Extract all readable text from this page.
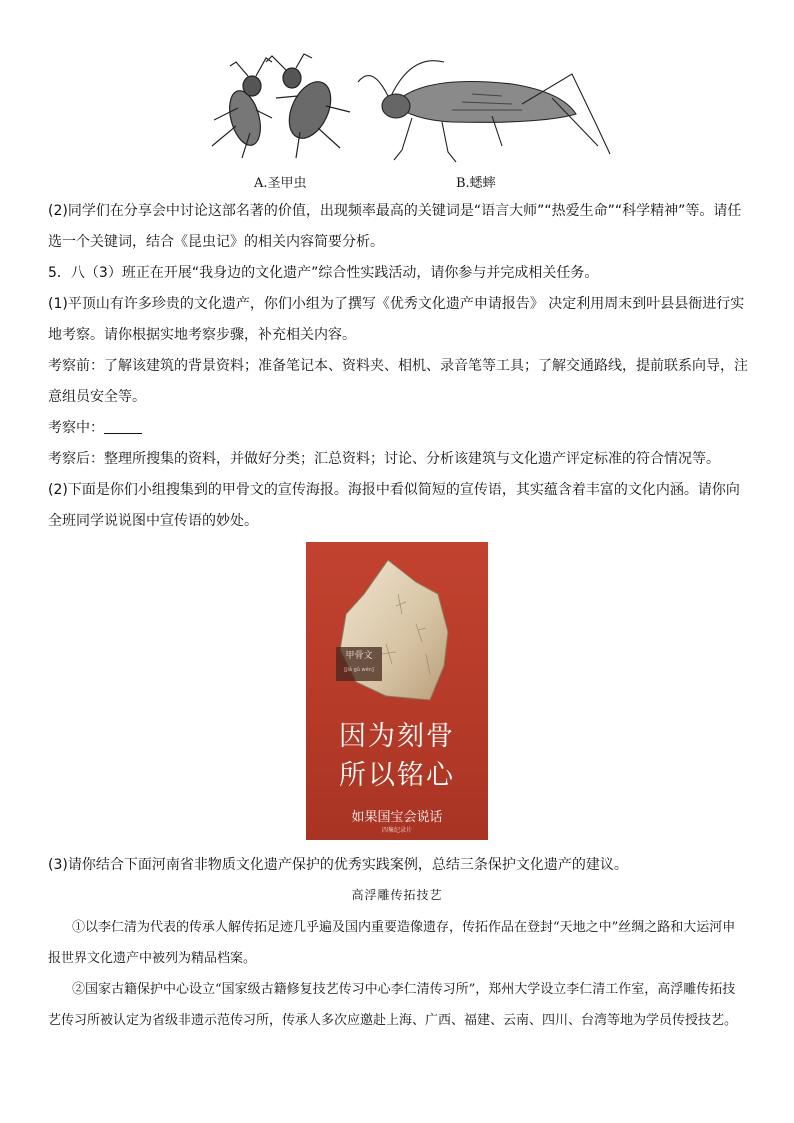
A.圣甲虫	B.蟋蟀

(2)同学们在分享会中讨论这部名著的价值，出现频率最高的关键词是“语言大师”“热爱生命”“科学精神”等。请任选一个关键词，结合《昆虫记》的相关内容简要分析。

5．八（3）班正在开展“我身边的文化遗产”综合性实践活动，请你参与并完成相关任务。

(1)平顶山有许多珍贵的文化遗产，你们小组为了撰写《优秀文化遗产申请报告》 决定利用周末到叶县县衙进行实地考察。请你根据实地考察步骤，补充相关内容。

考察前：了解该建筑的背景资料；准备笔记本、资料夹、相机、录音笔等工具；了解交通路线，提前联系向导，注意组员安全等。

考察中：

考察后：整理所搜集的资料，并做好分类；汇总资料；讨论、分析该建筑与文化遗产评定标准的符合情况等。

(2)下面是你们小组搜集到的甲骨文的宣传海报。海报中看似简短的宣传语，其实蕴含着丰富的文化内涵。请你向全班同学说说图中宣传语的妙处。

甲骨文
[jiǎ gǔ wén]
因为刻骨
所以铭心
如果国宝会说话
四集纪录片

(3)请你结合下面河南省非物质文化遗产保护的优秀实践案例，总结三条保护文化遗产的建议。

高浮雕传拓技艺

①以李仁清为代表的传承人解传拓足迹几乎遍及国内重要造像遗存，传拓作品在登封“天地之中”丝绸之路和大运河申报世界文化遗产中被列为精品档案。

②国家古籍保护中心设立“国家级古籍修复技艺传习中心李仁清传习所”，郑州大学设立李仁清工作室，高浮雕传拓技艺传习所被认定为省级非遗示范传习所，传承人多次应邀赴上海、广西、福建、云南、四川、台湾等地为学员传授技艺。
